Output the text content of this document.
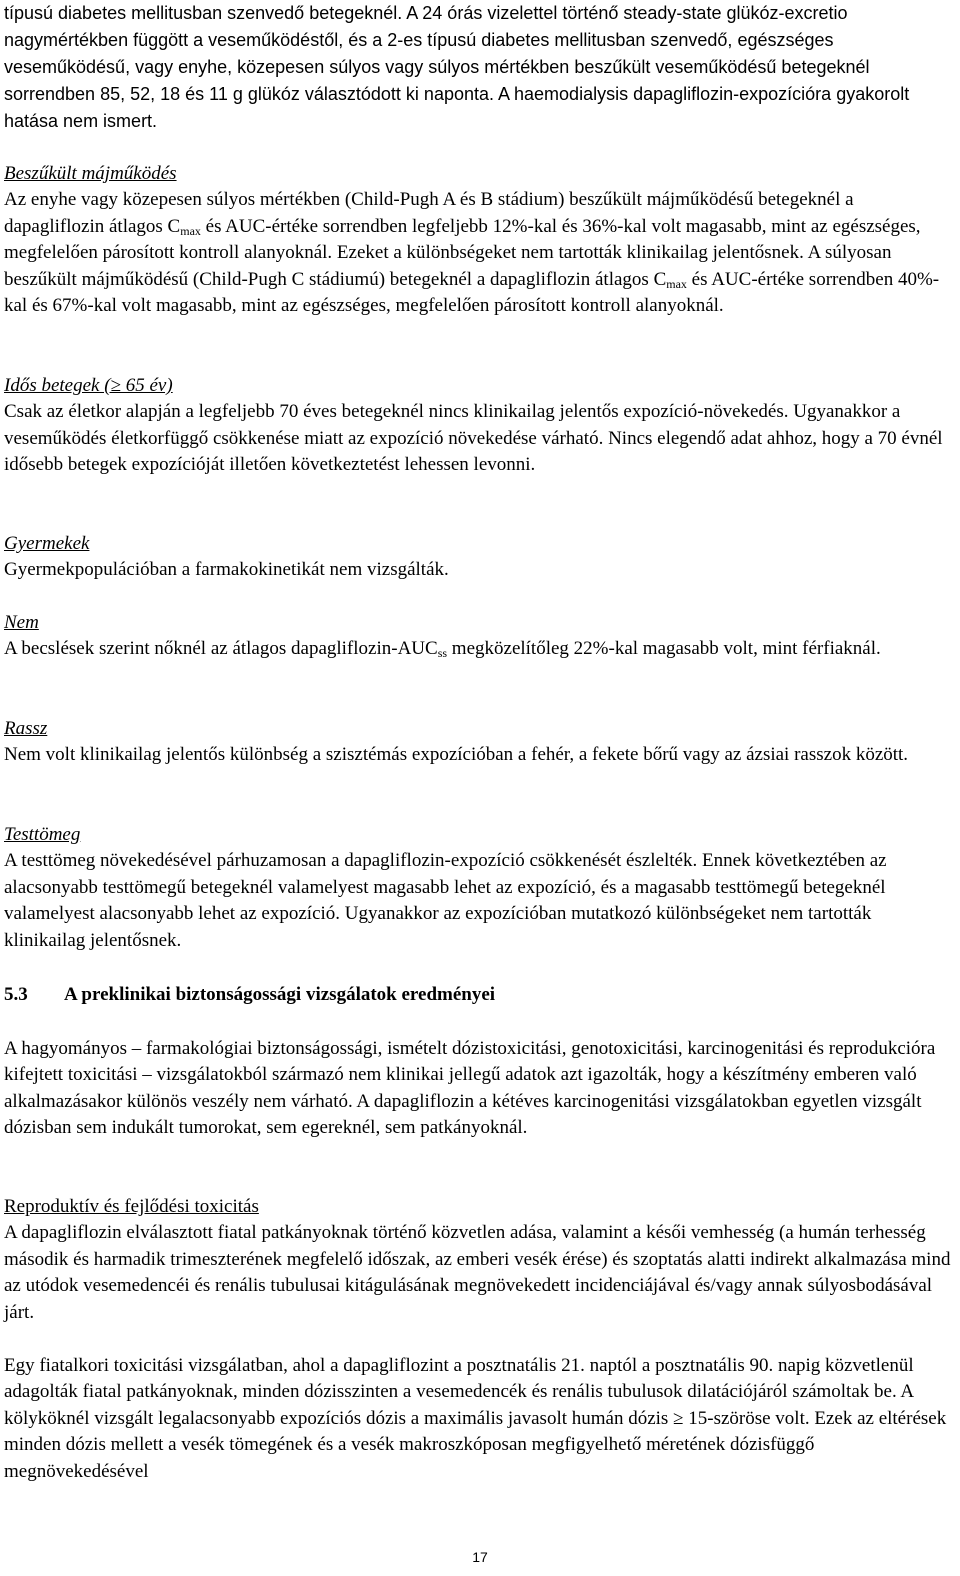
típusú diabetes mellitusban szenvedő betegeknél. A 24 órás vizelettel történő steady-state glükóz-excretio nagymértékben függött a veseműködéstől, és a 2-es típusú diabetes mellitusban szenvedő, egészséges veseműködésű, vagy enyhe, közepesen súlyos vagy súlyos mértékben beszűkült veseműködésű betegeknél sorrendben 85, 52, 18 és 11 g glükóz választódott ki naponta. A haemodialysis dapagliflozin-expozícióra gyakorolt hatása nem ismert.

Beszűkült májműködés

Az enyhe vagy közepesen súlyos mértékben (Child-Pugh A és B stádium) beszűkült májműködésű betegeknél a dapagliflozin átlagos $C_{max}$ és AUC-értéke sorrendben legfeljebb 12%-kal és 36%-kal volt magasabb, mint az egészséges, megfelelően párosított kontroll alanyoknál. Ezeket a különbségeket nem tartották klinikailag jelentősnek. A súlyosan beszűkült májműködésű (Child-Pugh C stádiumú) betegeknél a dapagliflozin átlagos $C_{max}$ és AUC-értéke sorrendben 40%-kal és 67%-kal volt magasabb, mint az egészséges, megfelelően párosított kontroll alanyoknál.

Idős betegek (≥ 65 év)

Csak az életkor alapján a legfeljebb 70 éves betegeknél nincs klinikailag jelentős expozíció-növekedés. Ugyanakkor a veseműködés életkorfüggő csökkenése miatt az expozíció növekedése várható. Nincs elegendő adat ahhoz, hogy a 70 évnél idősebb betegek expozícióját illetően következtetést lehessen levonni.

Gyermekek

Gyermekpopulációban a farmakokinetikát nem vizsgálták.

Nem

A becslések szerint nőknél az átlagos dapagliflozin-$AUC_{ss}$ megközelítőleg 22%-kal magasabb volt, mint férfiaknál.

Rassz

Nem volt klinikailag jelentős különbség a szisztémás expozícióban a fehér, a fekete bőrű vagy az ázsiai rasszok között.

Testtömeg

A testtömeg növekedésével párhuzamosan a dapagliflozin-expozíció csökkenését észlelték. Ennek következtében az alacsonyabb testtömegű betegeknél valamelyest magasabb lehet az expozíció, és a magasabb testtömegű betegeknél valamelyest alacsonyabb lehet az expozíció. Ugyanakkor az expozícióban mutatkozó különbségeket nem tartották klinikailag jelentősnek.

5.3 A preklinikai biztonságossági vizsgálatok eredményei

A hagyományos – farmakológiai biztonságossági, ismételt dózistoxicitási, genotoxicitási, karcinogenitási és reprodukcióra kifejtett toxicitási – vizsgálatokból származó nem klinikai jellegű adatok azt igazolták, hogy a készítmény emberen való alkalmazásakor különös veszély nem várható. A dapagliflozin a kétéves karcinogenitási vizsgálatokban egyetlen vizsgált dózisban sem indukált tumorokat, sem egereknél, sem patkányoknál.

Reproduktív és fejlődési toxicitás

A dapagliflozin elválasztott fiatal patkányoknak történő közvetlen adása, valamint a késői vemhesség (a humán terhesség második és harmadik trimeszterének megfelelő időszak, az emberi vesék érése) és szoptatás alatti indirekt alkalmazása mind az utódok vesemedencéi és renális tubulusai kitágulásának megnövekedett incidenciájával és/vagy annak súlyosbodásával járt.

Egy fiatalkori toxicitási vizsgálatban, ahol a dapagliflozint a posztnatális 21. naptól a posztnatális 90. napig közvetlenül adagolták fiatal patkányoknak, minden dózisszinten a vesemedencék és renális tubulusok dilatációjáról számoltak be. A kölyköknél vizsgált legalacsonyabb expozíciós dózis a maximális javasolt humán dózis ≥ 15-szöröse volt. Ezek az eltérések minden dózis mellett a vesék tömegének és a vesék makroszkóposan megfigyelhető méretének dózisfüggő megnövekedésével

17
